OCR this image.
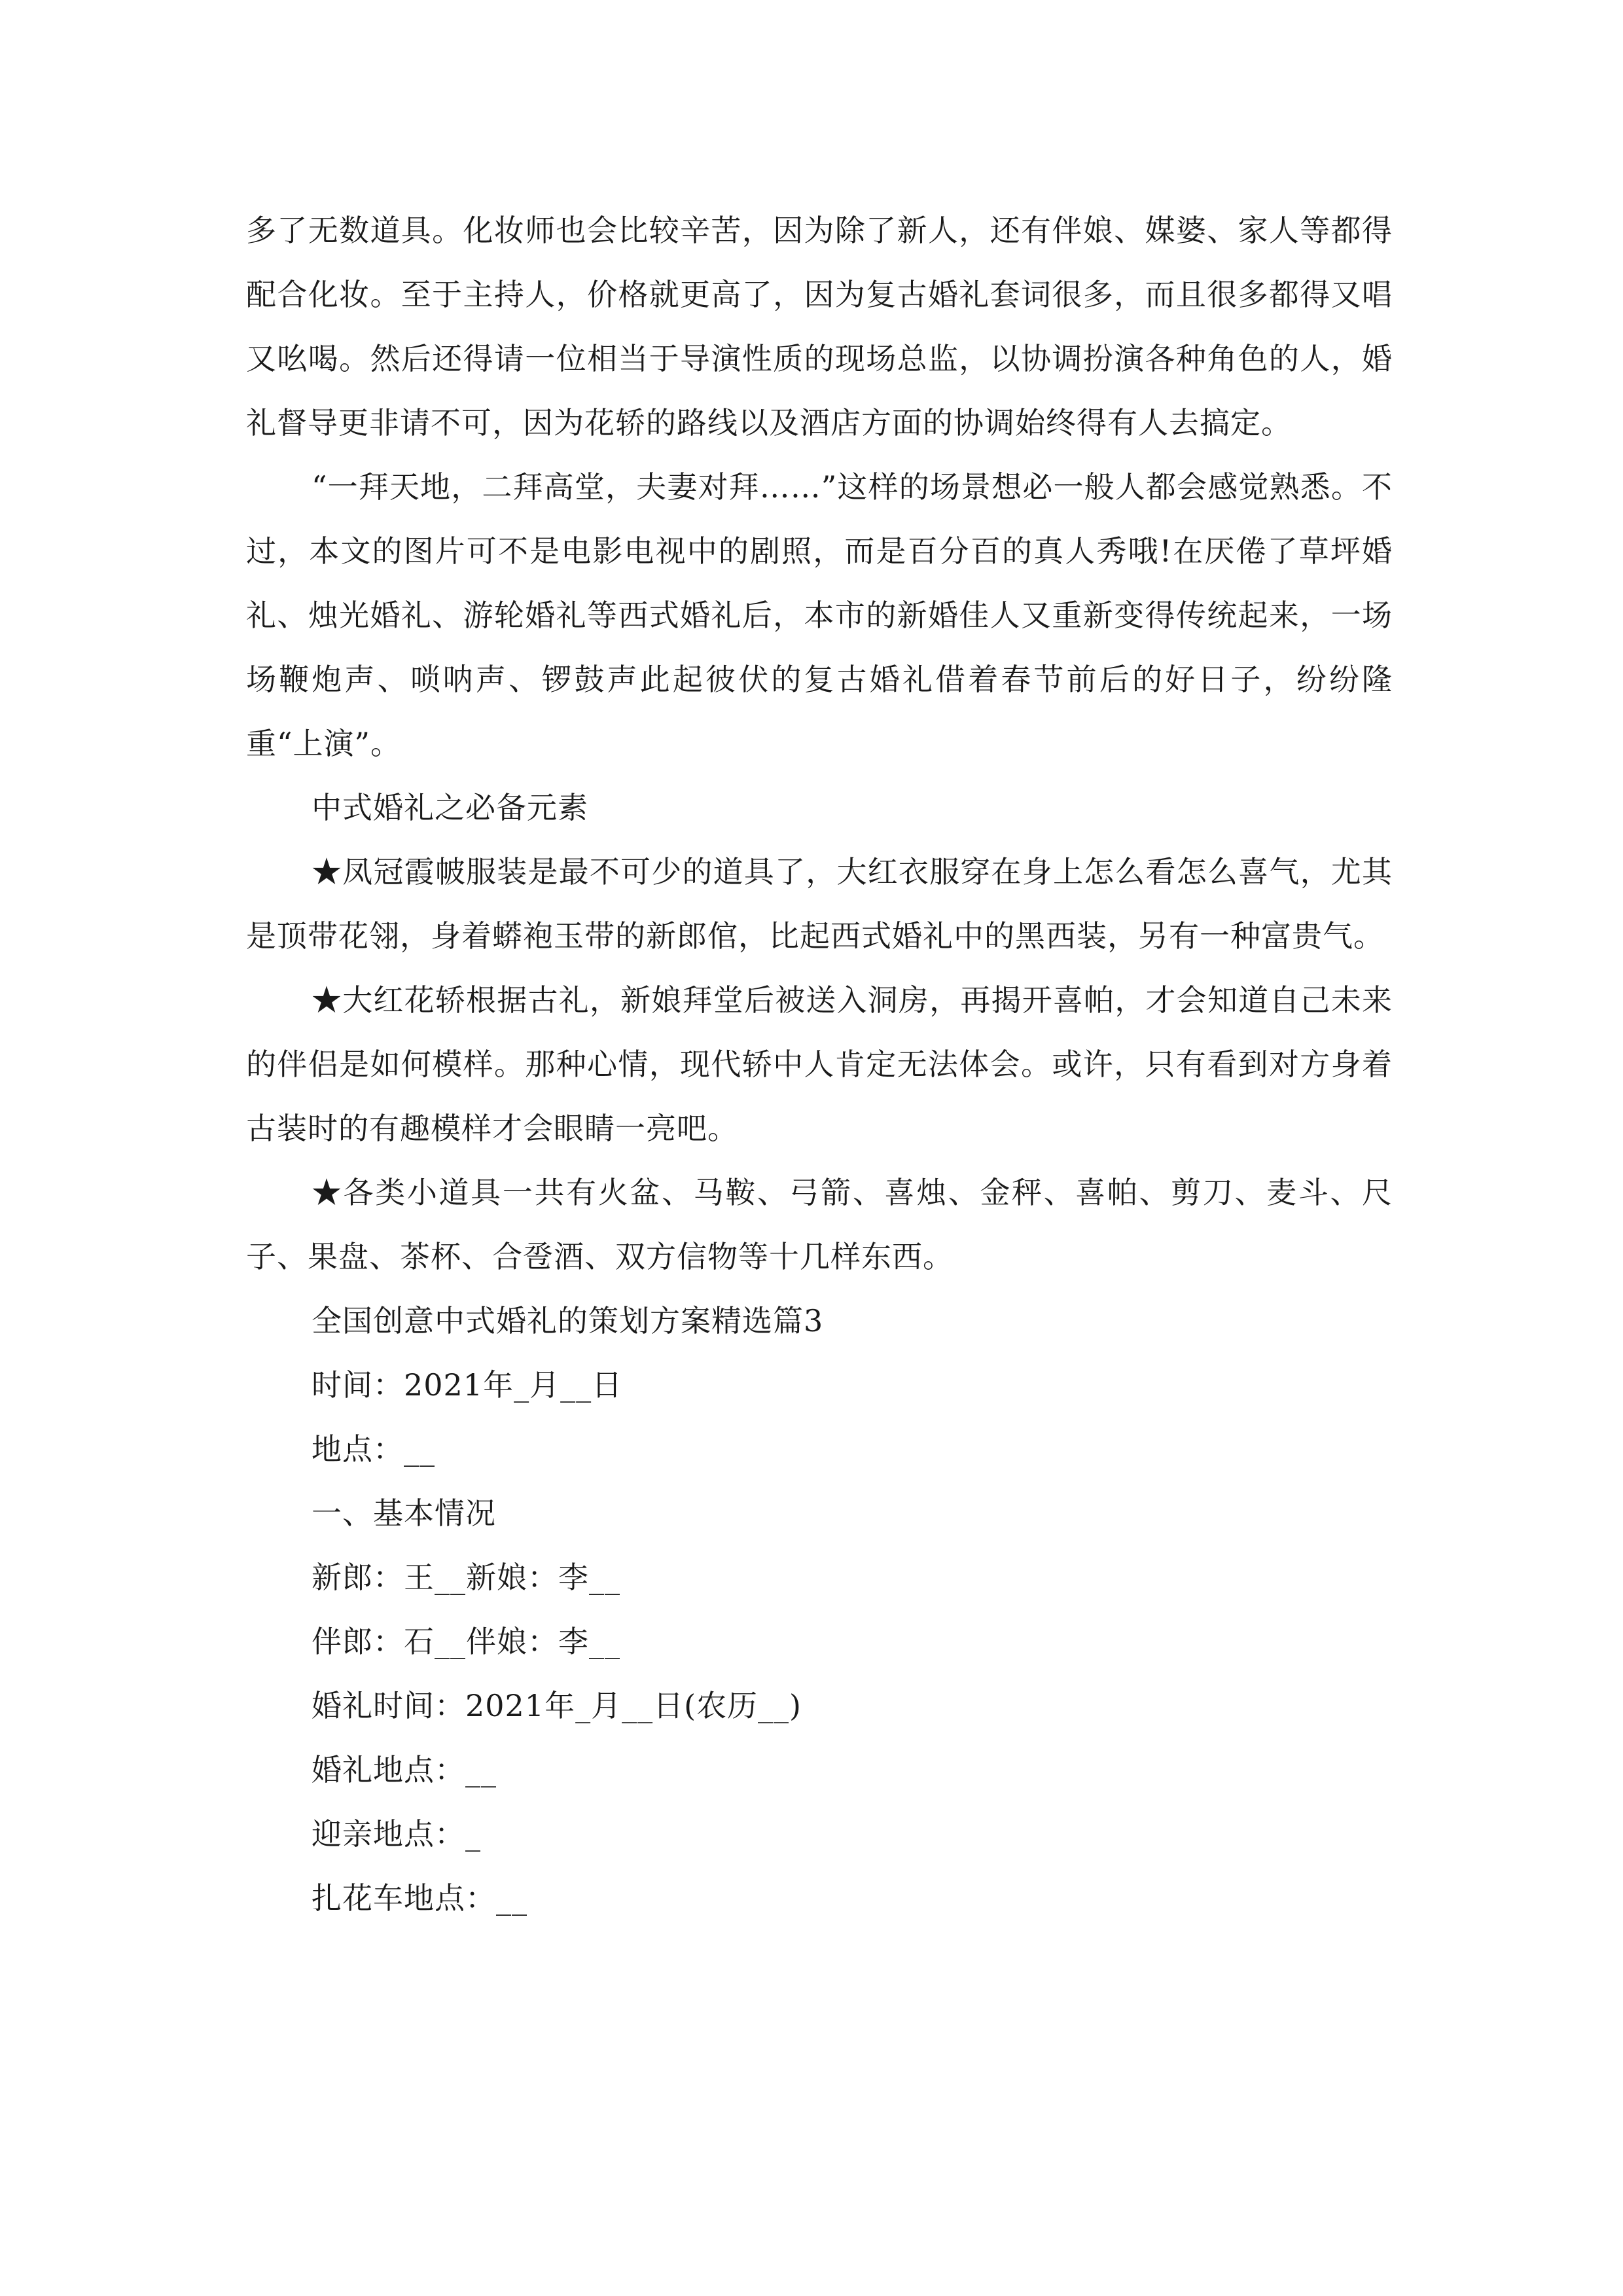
多了无数道具。化妆师也会比较辛苦，因为除了新人，还有伴娘、媒婆、家人等都得配合化妆。至于主持人，价格就更高了，因为复古婚礼套词很多，而且很多都得又唱又吆喝。然后还得请一位相当于导演性质的现场总监，以协调扮演各种角色的人，婚礼督导更非请不可，因为花轿的路线以及酒店方面的协调始终得有人去搞定。

“一拜天地，二拜高堂，夫妻对拜……”这样的场景想必一般人都会感觉熟悉。不过，本文的图片可不是电影电视中的剧照，而是百分百的真人秀哦!在厌倦了草坪婚礼、烛光婚礼、游轮婚礼等西式婚礼后，本市的新婚佳人又重新变得传统起来，一场场鞭炮声、唢呐声、锣鼓声此起彼伏的复古婚礼借着春节前后的好日子，纷纷隆重“上演”。

中式婚礼之必备元素

★凤冠霞帔服装是最不可少的道具了，大红衣服穿在身上怎么看怎么喜气，尤其是顶带花翎，身着蟒袍玉带的新郎倌，比起西式婚礼中的黑西装，另有一种富贵气。

★大红花轿根据古礼，新娘拜堂后被送入洞房，再揭开喜帕，才会知道自己未来的伴侣是如何模样。那种心情，现代轿中人肯定无法体会。或许，只有看到对方身着古装时的有趣模样才会眼睛一亮吧。

★各类小道具一共有火盆、马鞍、弓箭、喜烛、金秤、喜帕、剪刀、麦斗、尺子、果盘、茶杯、合卺酒、双方信物等十几样东西。

全国创意中式婚礼的策划方案精选篇3

时间：2021年_月__日

地点：__

一、基本情况

新郎：王__新娘：李__

伴郎：石__伴娘：李__

婚礼时间：2021年_月__日(农历__)

婚礼地点：__

迎亲地点：_

扎花车地点：__
